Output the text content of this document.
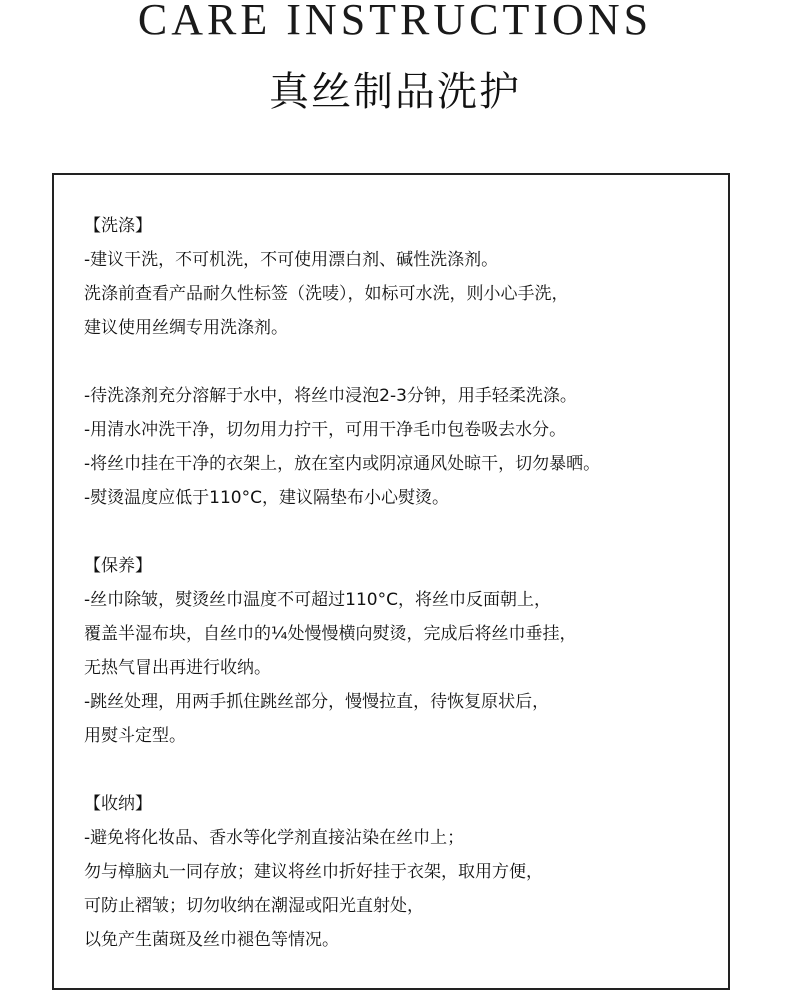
CARE INSTRUCTIONS
真丝制品洗护
【洗涤】
-建议干洗，不可机洗，不可使用漂白剂、碱性洗涤剂。
洗涤前查看产品耐久性标签（洗唛），如标可水洗，则小心手洗，
建议使用丝绸专用洗涤剂。
-待洗涤剂充分溶解于水中，将丝巾浸泡2-3分钟，用手轻柔洗涤。
-用清水冲洗干净，切勿用力拧干，可用干净毛巾包卷吸去水分。
-将丝巾挂在干净的衣架上，放在室内或阴凉通风处晾干，切勿暴晒。
-熨烫温度应低于110°C，建议隔垫布小心熨烫。
【保养】
-丝巾除皱，熨烫丝巾温度不可超过110°C，将丝巾反面朝上，
覆盖半湿布块，自丝巾的¼处慢慢横向熨烫，完成后将丝巾垂挂，
无热气冒出再进行收纳。
-跳丝处理，用两手抓住跳丝部分，慢慢拉直，待恢复原状后，
用熨斗定型。
【收纳】
-避免将化妆品、香水等化学剂直接沾染在丝巾上；
勿与樟脑丸一同存放；建议将丝巾折好挂于衣架，取用方便，
可防止褶皱；切勿收纳在潮湿或阳光直射处，
以免产生菌斑及丝巾褪色等情况。
